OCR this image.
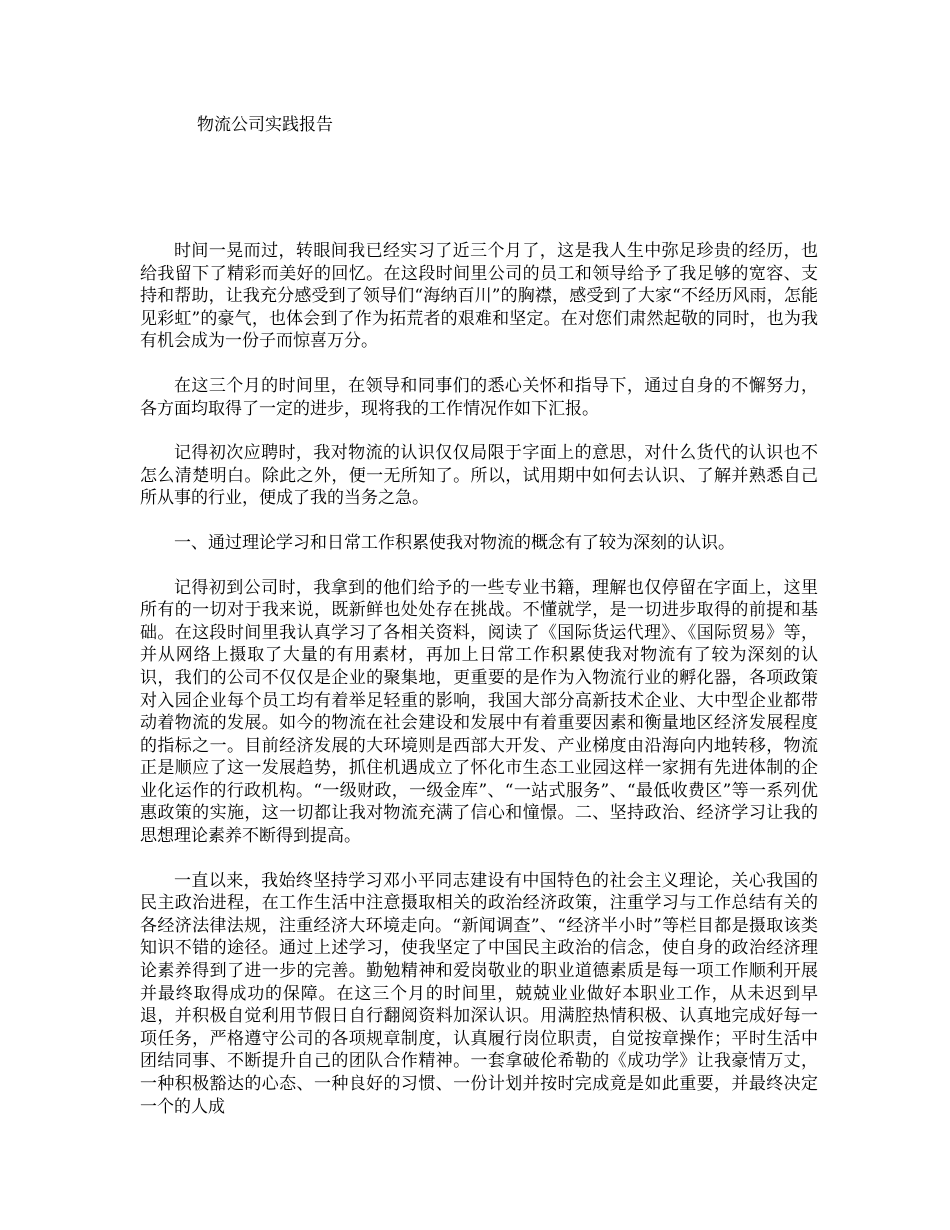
物流公司实践报告

时间一晃而过，转眼间我已经实习了近三个月了，这是我人生中弥足珍贵的经历，也给我留下了精彩而美好的回忆。在这段时间里公司的员工和领导给予了我足够的宽容、支持和帮助，让我充分感受到了领导们“海纳百川”的胸襟，感受到了大家“不经历风雨，怎能见彩虹”的豪气，也体会到了作为拓荒者的艰难和坚定。在对您们肃然起敬的同时，也为我有机会成为一份子而惊喜万分。

在这三个月的时间里，在领导和同事们的悉心关怀和指导下，通过自身的不懈努力，各方面均取得了一定的进步，现将我的工作情况作如下汇报。

记得初次应聘时，我对物流的认识仅仅局限于字面上的意思，对什么货代的认识也不怎么清楚明白。除此之外，便一无所知了。所以，试用期中如何去认识、了解并熟悉自己所从事的行业，便成了我的当务之急。

一、通过理论学习和日常工作积累使我对物流的概念有了较为深刻的认识。

记得初到公司时，我拿到的他们给予的一些专业书籍，理解也仅停留在字面上，这里所有的一切对于我来说，既新鲜也处处存在挑战。不懂就学，是一切进步取得的前提和基础。在这段时间里我认真学习了各相关资料，阅读了《国际货运代理》、《国际贸易》等，并从网络上摄取了大量的有用素材，再加上日常工作积累使我对物流有了较为深刻的认识，我们的公司不仅仅是企业的聚集地，更重要的是作为入物流行业的孵化器，各项政策对入园企业每个员工均有着举足轻重的影响，我国大部分高新技术企业、大中型企业都带动着物流的发展。如今的物流在社会建设和发展中有着重要因素和衡量地区经济发展程度的指标之一。目前经济发展的大环境则是西部大开发、产业梯度由沿海向内地转移，物流正是顺应了这一发展趋势，抓住机遇成立了怀化市生态工业园这样一家拥有先进体制的企业化运作的行政机构。“一级财政，一级金库”、“一站式服务”、“最低收费区”等一系列优惠政策的实施，这一切都让我对物流充满了信心和憧憬。二、坚持政治、经济学习让我的思想理论素养不断得到提高。

一直以来，我始终坚持学习邓小平同志建设有中国特色的社会主义理论，关心我国的民主政治进程，在工作生活中注意摄取相关的政治经济政策，注重学习与工作总结有关的各经济法律法规，注重经济大环境走向。“新闻调查”、“经济半小时”等栏目都是摄取该类知识不错的途径。通过上述学习，使我坚定了中国民主政治的信念，使自身的政治经济理论素养得到了进一步的完善。勤勉精神和爱岗敬业的职业道德素质是每一项工作顺利开展并最终取得成功的保障。在这三个月的时间里，兢兢业业做好本职业工作，从未迟到早退，并积极自觉利用节假日自行翻阅资料加深认识。用满腔热情积极、认真地完成好每一项任务，严格遵守公司的各项规章制度，认真履行岗位职责，自觉按章操作；平时生活中团结同事、不断提升自己的团队合作精神。一套拿破伦希勒的《成功学》让我豪情万丈，一种积极豁达的心态、一种良好的习惯、一份计划并按时完成竟是如此重要，并最终决定一个的人成
